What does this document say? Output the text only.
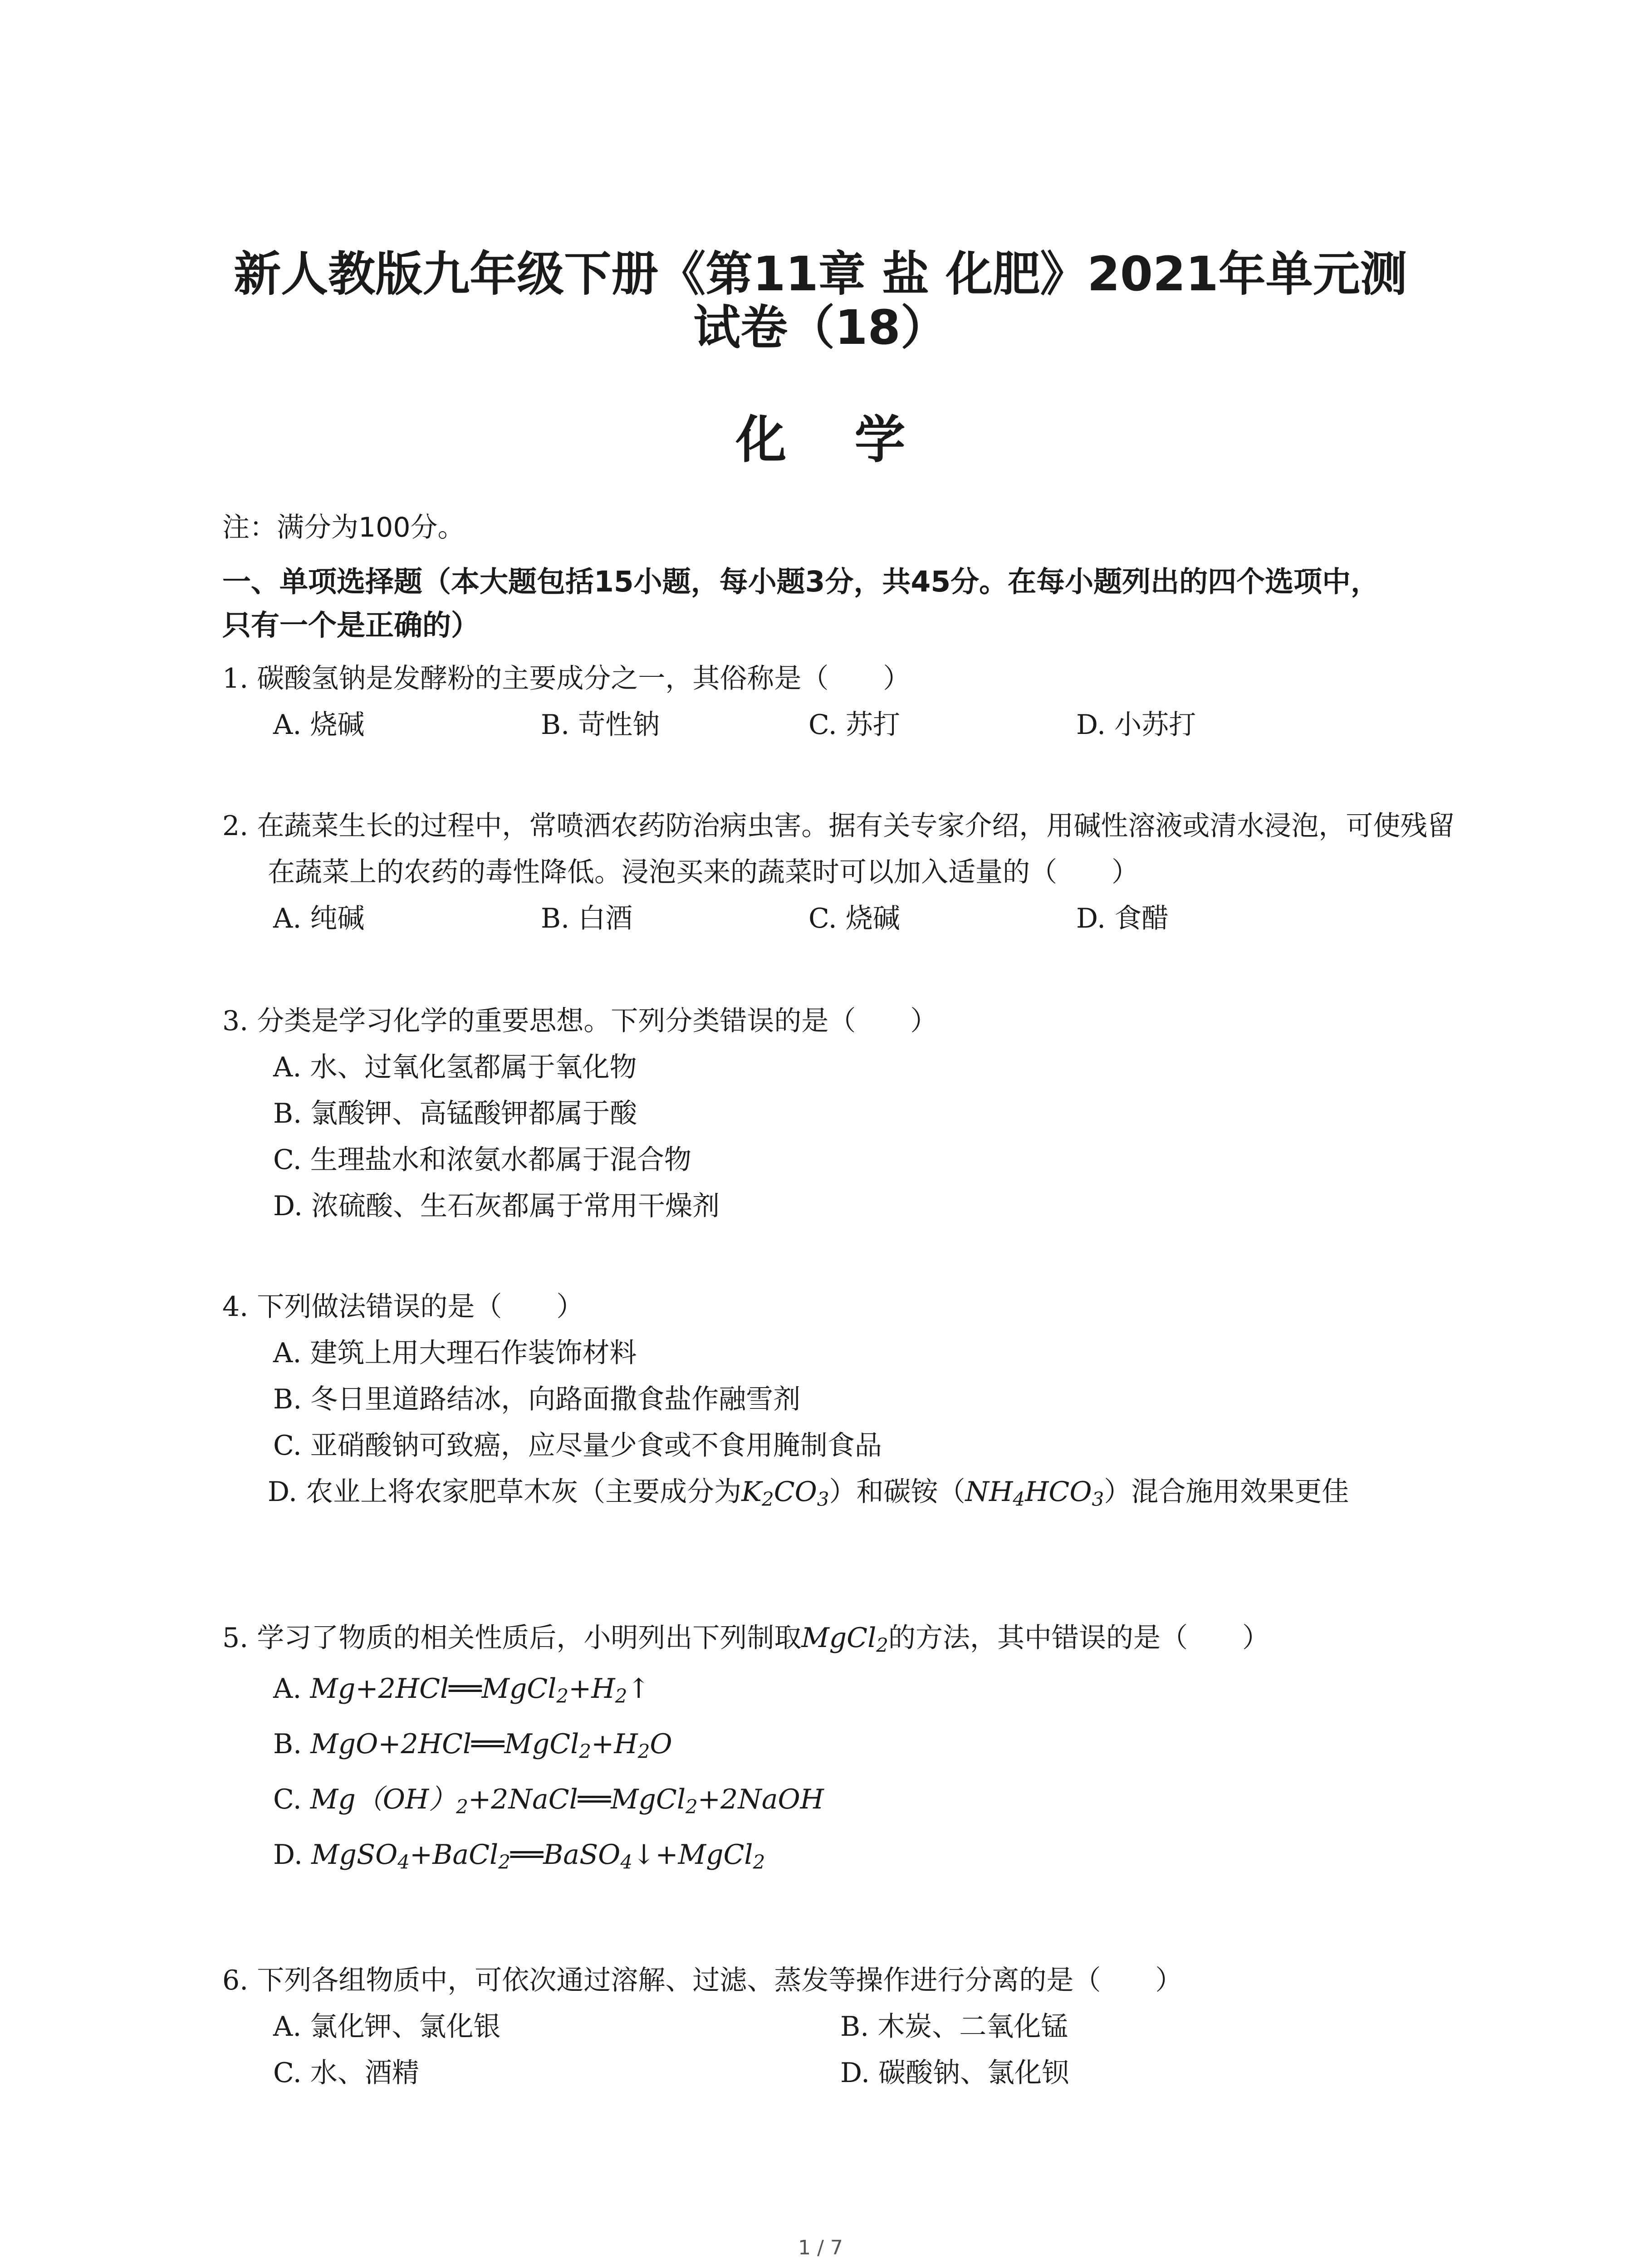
新人教版九年级下册《第11章 盐 化肥》2021年单元测
试卷（18）
化学
注：满分为100分。
一、单项选择题（本大题包括15小题，每小题3分，共45分。在每小题列出的四个选项中，
只有一个是正确的）
1. 碳酸氢钠是发酵粉的主要成分之一，其俗称是（　　）
A. 烧碱	B. 苛性钠	C. 苏打	D. 小苏打
2. 在蔬菜生长的过程中，常喷洒农药防治病虫害。据有关专家介绍，用碱性溶液或清水浸泡，可使残留在蔬菜上的农药的毒性降低。浸泡买来的蔬菜时可以加入适量的（　　）
A. 纯碱	B. 白酒	C. 烧碱	D. 食醋
3. 分类是学习化学的重要思想。下列分类错误的是（　　）
A. 水、过氧化氢都属于氧化物
B. 氯酸钾、高锰酸钾都属于酸
C. 生理盐水和浓氨水都属于混合物
D. 浓硫酸、生石灰都属于常用干燥剂
4. 下列做法错误的是（　　）
A. 建筑上用大理石作装饰材料
B. 冬日里道路结冰，向路面撒食盐作融雪剂
C. 亚硝酸钠可致癌，应尽量少食或不食用腌制食品
D. 农业上将农家肥草木灰（主要成分为$K_2CO_3$）和碳铵$(NH_4HCO_3)$混合施用效果更佳
5. 学习了物质的相关性质后，小明列出下列制取MgCl$_2$的方法，其中错误的是（　　）
A. $Mg+2HCl══MgCl_2+H_2↑$
B. $MgO+2HCl══MgCl_2+H_2O$
C. $Mg(OH)_2+2NaCl══MgCl_2+2NaOH$
D. MgSO$_4$+BaCl$_2$══BaSO$_4$↓+MgCl$_2$
6. 下列各组物质中，可依次通过溶解、过滤、蒸发等操作进行分离的是（　　）
A. 氯化钾、氯化银	B. 木炭、二氧化锰
C. 水、酒精	D. 碳酸钠、氯化钡
1 / 7
